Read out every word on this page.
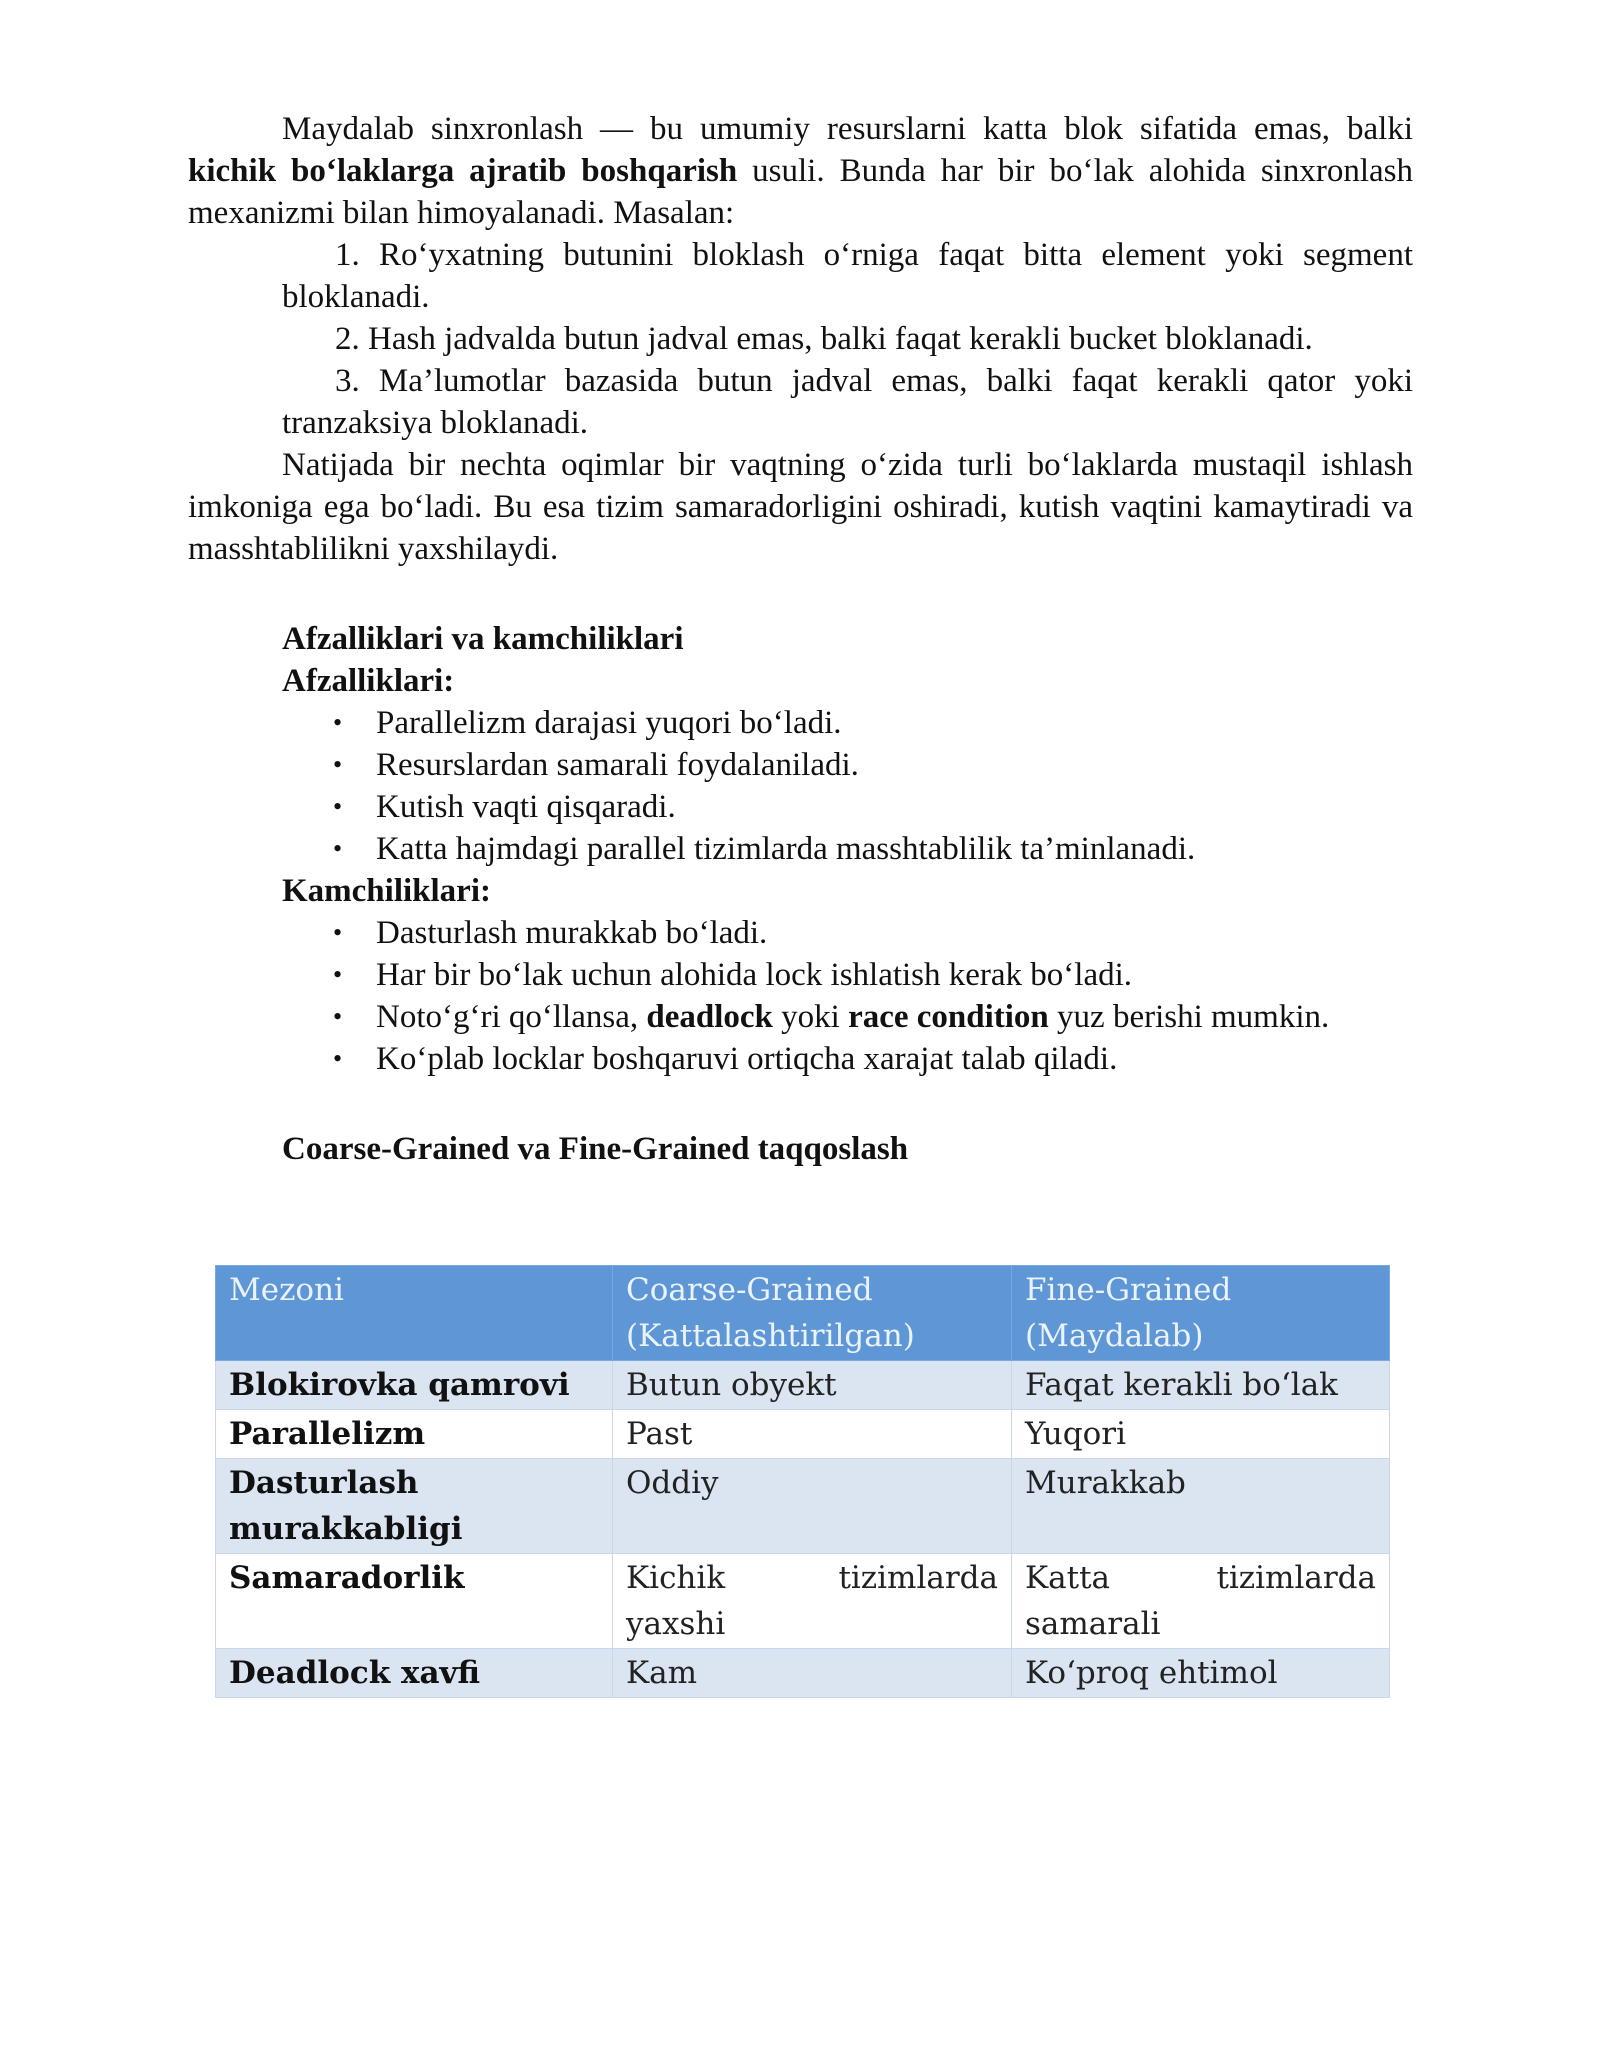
Maydalab sinxronlash — bu umumiy resurslarni katta blok sifatida emas, balki kichik bo‘laklarga ajratib boshqarish usuli. Bunda har bir bo‘lak alohida sinxronlash mexanizmi bilan himoyalanadi. Masalan:

1. Ro‘yxatning butunini bloklash o‘rniga faqat bitta element yoki segment bloklanadi.

2. Hash jadvalda butun jadval emas, balki faqat kerakli bucket bloklanadi.

3. Ma’lumotlar bazasida butun jadval emas, balki faqat kerakli qator yoki tranzaksiya bloklanadi.

Natijada bir nechta oqimlar bir vaqtning o‘zida turli bo‘laklarda mustaqil ishlash imkoniga ega bo‘ladi. Bu esa tizim samaradorligini oshiradi, kutish vaqtini kamaytiradi va masshtablilikni yaxshilaydi.

Afzalliklari va kamchiliklari

Afzalliklari:

• Parallelizm darajasi yuqori bo‘ladi.

• Resurslardan samarali foydalaniladi.

• Kutish vaqti qisqaradi.

• Katta hajmdagi parallel tizimlarda masshtablilik ta’minlanadi.

Kamchiliklari:

• Dasturlash murakkab bo‘ladi.

• Har bir bo‘lak uchun alohida lock ishlatish kerak bo‘ladi.

• Noto‘g‘ri qo‘llansa, deadlock yoki race condition yuz berishi mumkin.

• Ko‘plab locklar boshqaruvi ortiqcha xarajat talab qiladi.

Coarse-Grained va Fine-Grained taqqoslash

Mezoni	Coarse-Grained (Kattalashtirilgan)	Fine-Grained (Maydalab)
Blokirovka qamrovi	Butun obyekt	Faqat kerakli bo‘lak
Parallelizm	Past	Yuqori
Dasturlash murakkabligi	Oddiy	Murakkab
Samaradorlik	Kichik tizimlarda yaxshi	Katta tizimlarda samarali
Deadlock xavfi	Kam	Ko‘proq ehtimol
